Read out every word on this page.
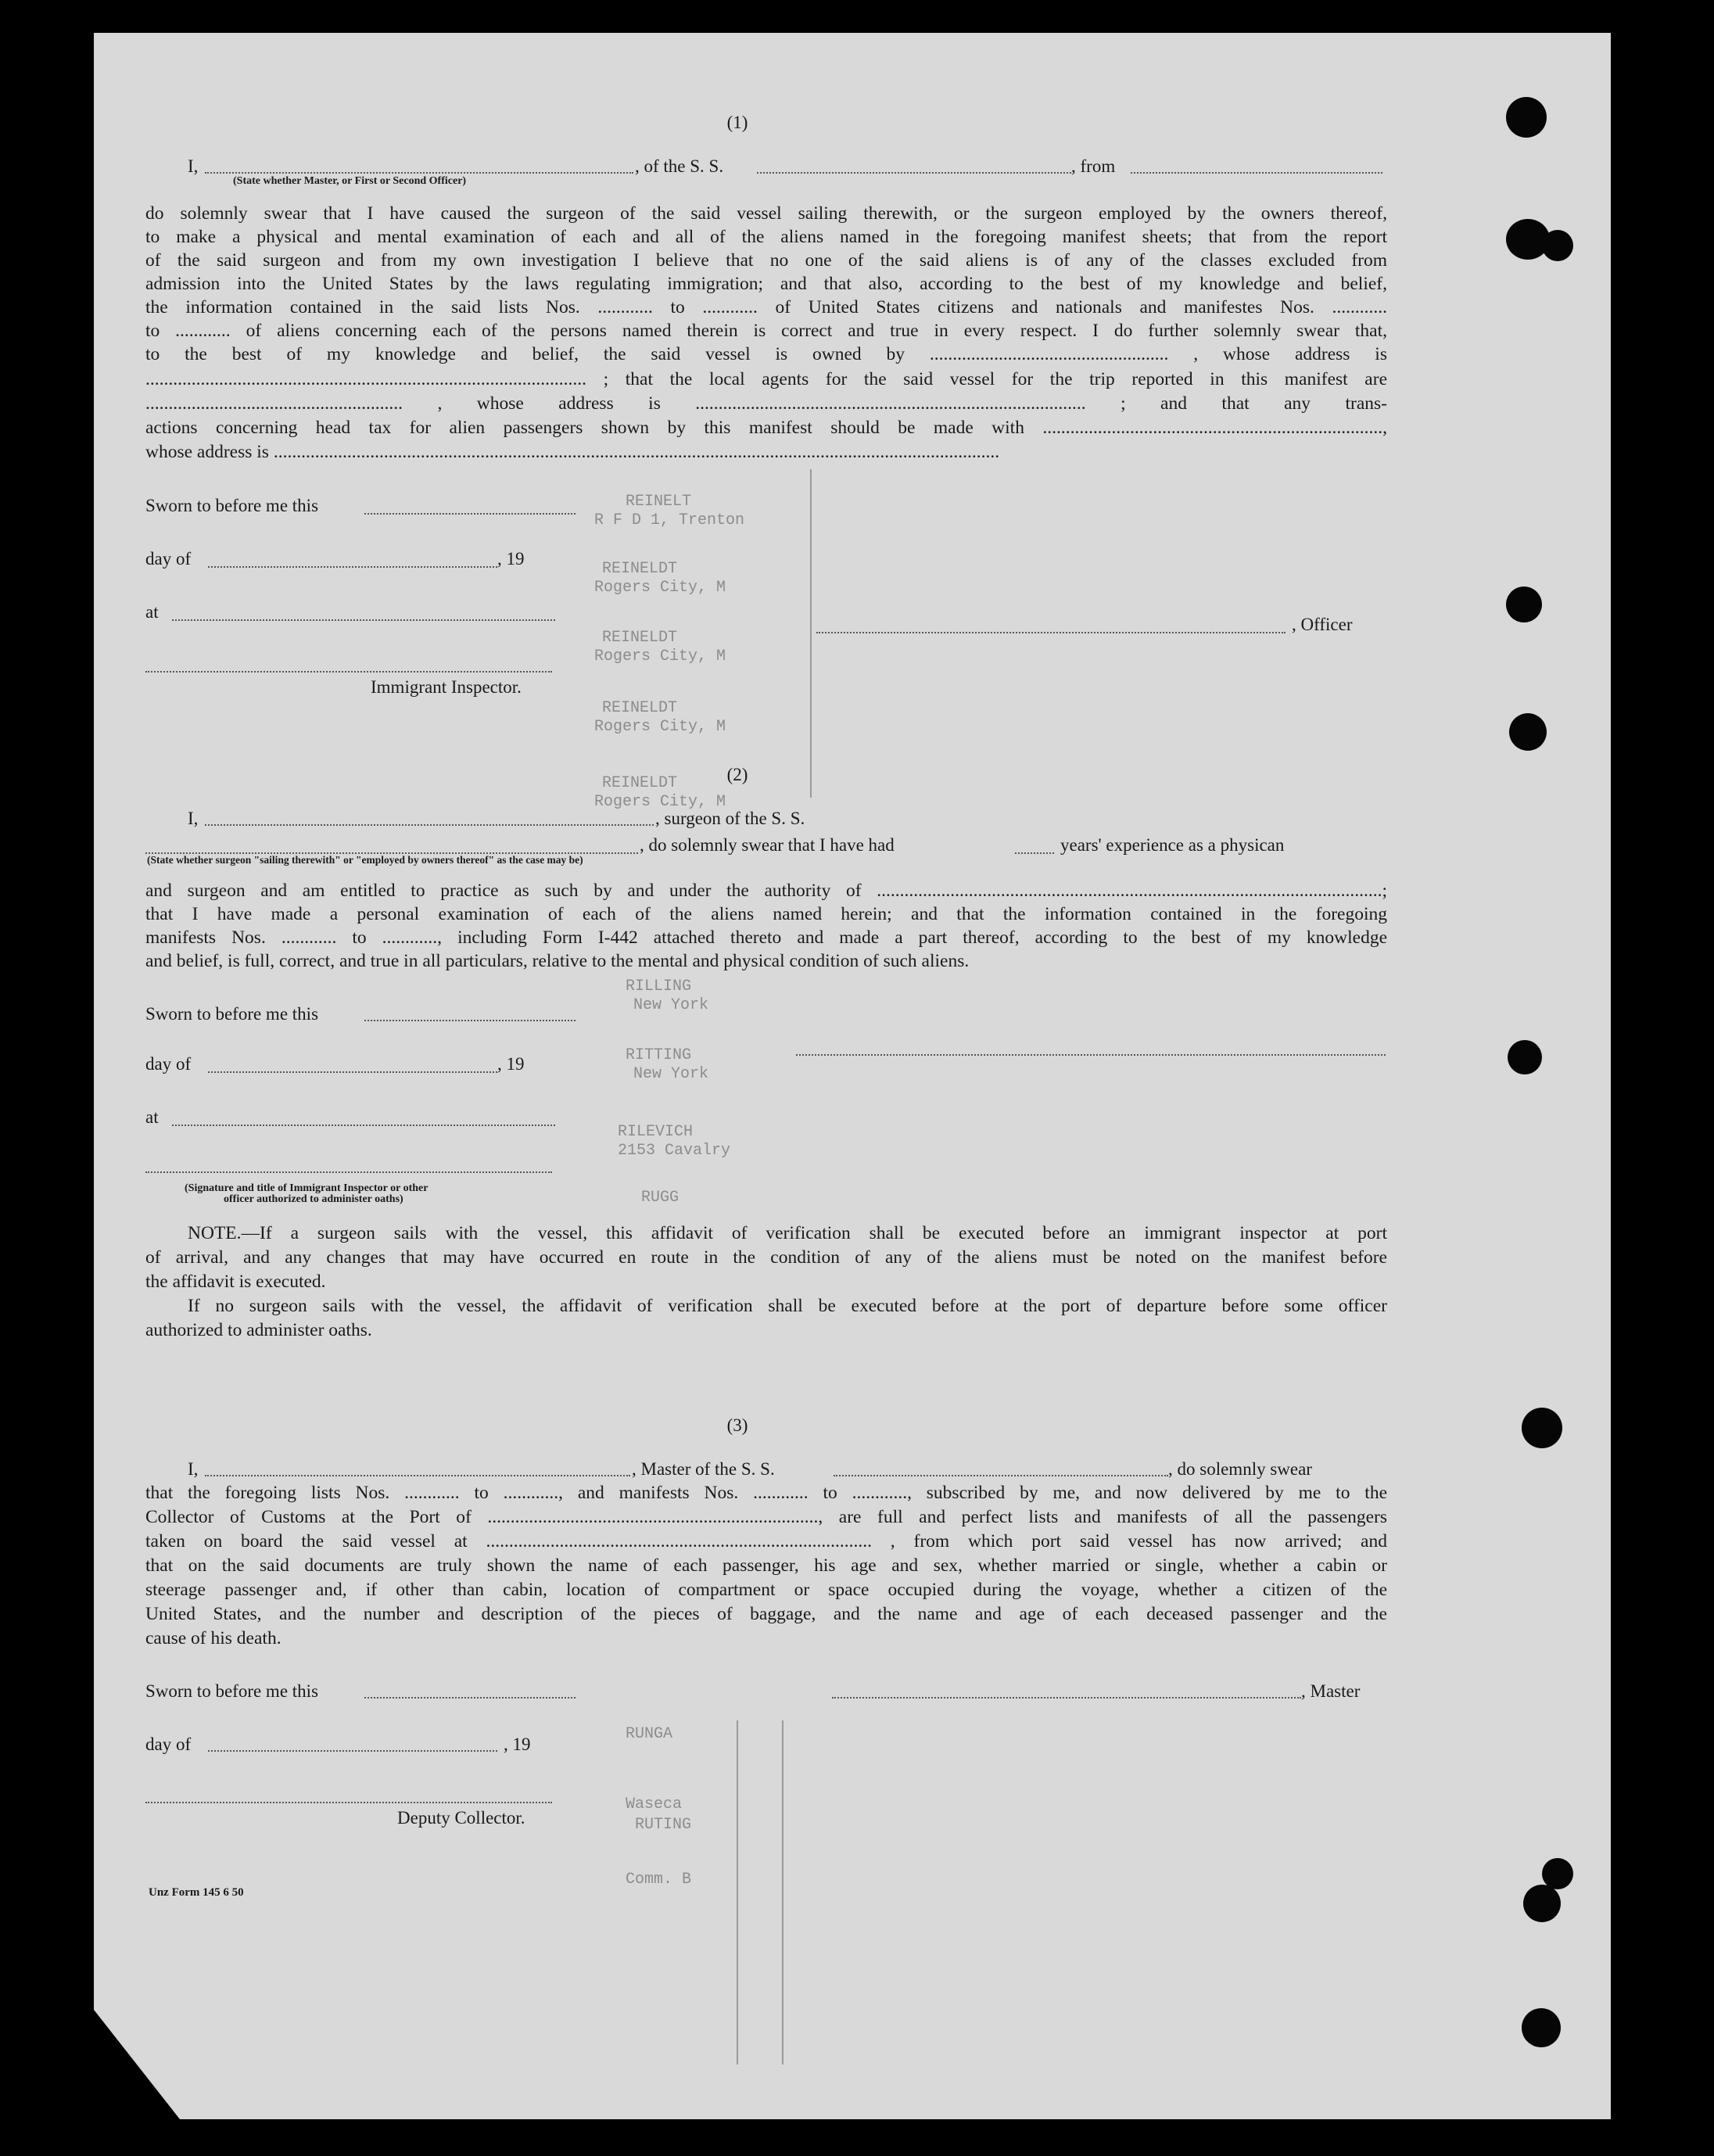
REINELT
R F D 1, Trenton
REINELDT
Rogers City, M
REINELDT
Rogers City, M
REINELDT
Rogers City, M
REINELDT
Rogers City, M
RILLING
New York
RITTING
New York
RILEVICH
2153 Cavalry
RUGG
RUNGA
Waseca
RUTING
Comm. B
(1)
I,
(State whether Master, or First or Second Officer)
, of the S. S.	, from
do solemnly swear that I have caused the surgeon of the said vessel sailing therewith, or the surgeon employed by the owners thereof,
to make a physical and mental examination of each and all of the aliens named in the foregoing manifest sheets; that from the report
of the said surgeon and from my own investigation I believe that no one of the said aliens is of any of the classes excluded from
admission into the United States by the laws regulating immigration; and that also, according to the best of my knowledge and belief,
the information contained in the said lists Nos. ............ to ............ of United States citizens and nationals and manifestes Nos. ............
to ............ of aliens concerning each of the persons named therein is correct and true in every respect. I do further solemnly swear that,
to the best of my knowledge and belief, the said vessel is owned by .................................................... , whose address is
................................................................................................ ; that the local agents for the said vessel for the trip reported in this manifest are
........................................................ , whose address is ..................................................................................... ; and that any trans-
actions concerning head tax for alien passengers shown by this manifest should be made with ..........................................................................,
whose address is ..............................................................................................................................................................
Sworn to before me this
day of	, 19
at
, Officer
Immigrant Inspector.
(2)
I,	, surgeon of the S. S.
, do solemnly swear that I have had	years' experience as a physican
(State whether surgeon "sailing therewith" or "employed by owners thereof" as the case may be)
and surgeon and am entitled to practice as such by and under the authority of ..............................................................................................................;
that I have made a personal examination of each of the aliens named herein; and that the information contained in the foregoing
manifests Nos. ............ to ............, including Form I-442 attached thereto and made a part thereof, according to the best of my knowledge
and belief, is full, correct, and true in all particulars, relative to the mental and physical condition of such aliens.
Sworn to before me this
day of	, 19
at
(Signature and title of Immigrant Inspector or other
officer authorized to administer oaths)
NOTE.—If a surgeon sails with the vessel, this affidavit of verification shall be executed before an immigrant inspector at port
of arrival, and any changes that may have occurred en route in the condition of any of the aliens must be noted on the manifest before
the affidavit is executed.
If no surgeon sails with the vessel, the affidavit of verification shall be executed before at the port of departure before some officer
authorized to administer oaths.
(3)
I,	, Master of the S. S.	, do solemnly swear
that the foregoing lists Nos. ............ to ............, and manifests Nos. ............ to ............, subscribed by me, and now delivered by me to the
Collector of Customs at the Port of ........................................................................, are full and perfect lists and manifests of all the passengers
taken on board the said vessel at .................................................................................... , from which port said vessel has now arrived; and
that on the said documents are truly shown the name of each passenger, his age and sex, whether married or single, whether a cabin or
steerage passenger and, if other than cabin, location of compartment or space occupied during the voyage, whether a citizen of the
United States, and the number and description of the pieces of baggage, and the name and age of each deceased passenger and the
cause of his death.
Sworn to before me this	, Master
day of	, 19
Deputy Collector.
Unz Form 145 6 50
